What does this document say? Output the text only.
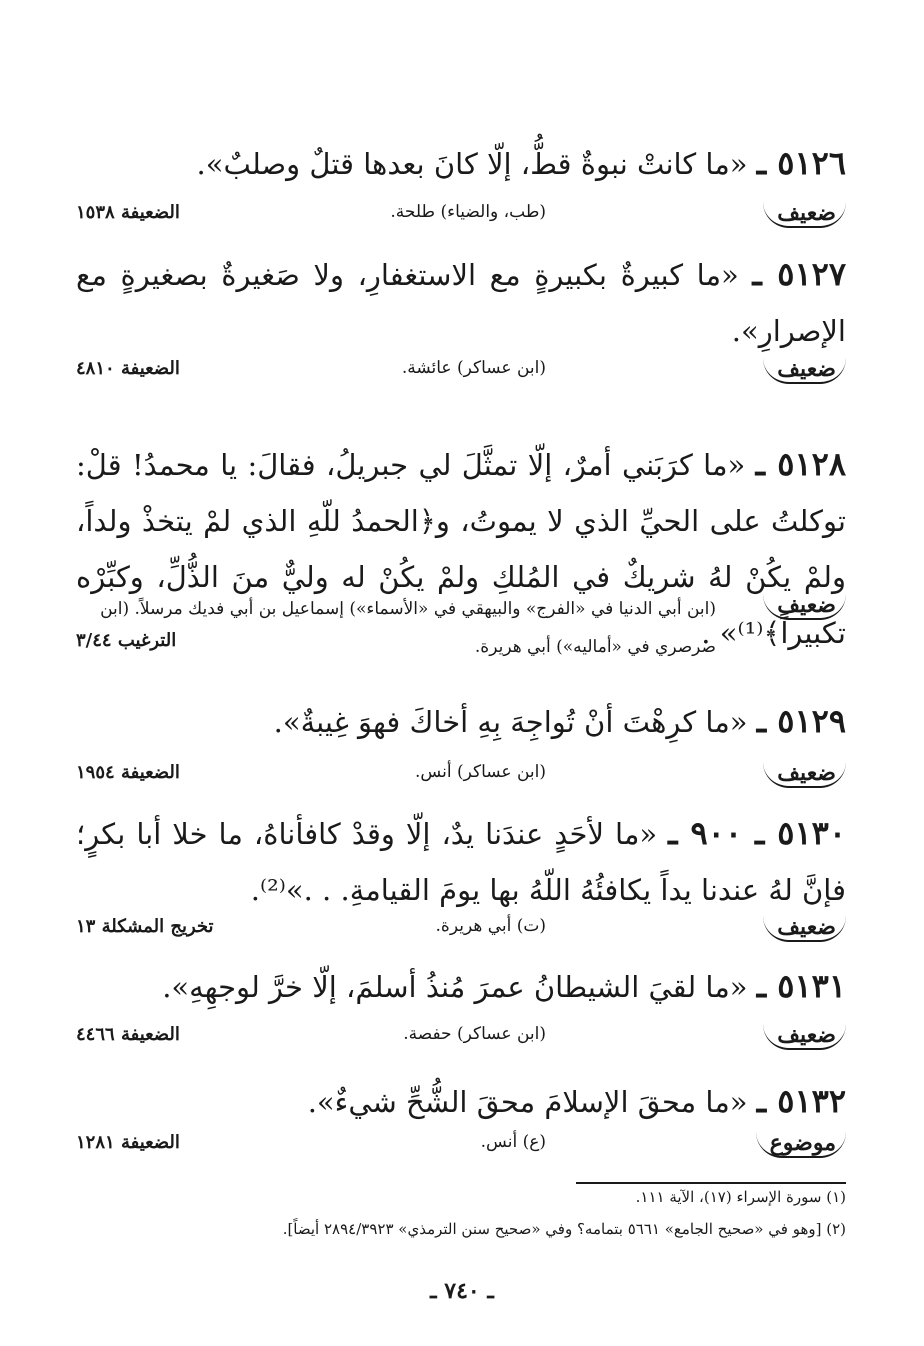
٥١٢٦ ـ «ما كانتْ نبوةٌ قطُّ، إلّا كانَ بعدها قتلٌ وصلبٌ».
ضعيف
(طب، والضياء) طلحة.
الضعيفة ١٥٣٨
٥١٢٧ ـ «ما كبيرةٌ بكبيرةٍ مع الاستغفارِ، ولا صَغيرةٌ بصغيرةٍ مع الإصرارِ».
ضعيف
(ابن عساكر) عائشة.
الضعيفة ٤٨١٠
٥١٢٨ ـ «ما كرَبَني أمرٌ، إلّا تمثَّلَ لي جبريلُ، فقالَ: يا محمدُ! قلْ: توكلتُ على الحيِّ الذي لا يموتُ، و﴿الحمدُ للّهِ الذي لمْ يتخذْ ولداً، ولمْ يكُنْ لهُ شريكٌ في المُلكِ ولمْ يكُنْ له وليٌّ منَ الذُّلِّ، وكبِّرْه تكبيراً﴾⁽¹⁾» .
ضعيف
(ابن أبي الدنيا في «الفرج» والبيهقي في «الأسماء») إسماعيل بن أبي فديك مرسلاً. (ابن صرصري في «أماليه») أبي هريرة.
الترغيب ٣/٤٤
٥١٢٩ ـ «ما كرِهْتَ أنْ تُواجِهَ بِهِ أخاكَ فهوَ غِيبةٌ».
ضعيف
(ابن عساكر) أنس.
الضعيفة ١٩٥٤
٥١٣٠ ـ ٩٠٠ ـ «ما لأحَدٍ عندَنا يدٌ، إلّا وقدْ كافأناهُ، ما خلا أبا بكرٍ؛ فإنَّ لهُ عندنا يداً يكافئُهُ اللّهُ بها يومَ القيامةِ. . .»⁽²⁾.
ضعيف
(ت) أبي هريرة.
تخريج المشكلة ١٣
٥١٣١ ـ «ما لقيَ الشيطانُ عمرَ مُنذُ أسلمَ، إلّا خرَّ لوجهِهِ».
ضعيف
(ابن عساكر) حفصة.
الضعيفة ٤٤٦٦
٥١٣٢ ـ «ما محقَ الإسلامَ محقَ الشُّحِّ شيءٌ».
موضوع
(ع) أنس.
الضعيفة ١٢٨١
(١) سورة الإسراء (١٧)، الآية ١١١.
(٢) [وهو في «صحيح الجامع» ٥٦٦١ بتمامه؟ وفي «صحيح سنن الترمذي» ٢٨٩٤/٣٩٢٣ أيضاً].
ـ ٧٤٠ ـ
